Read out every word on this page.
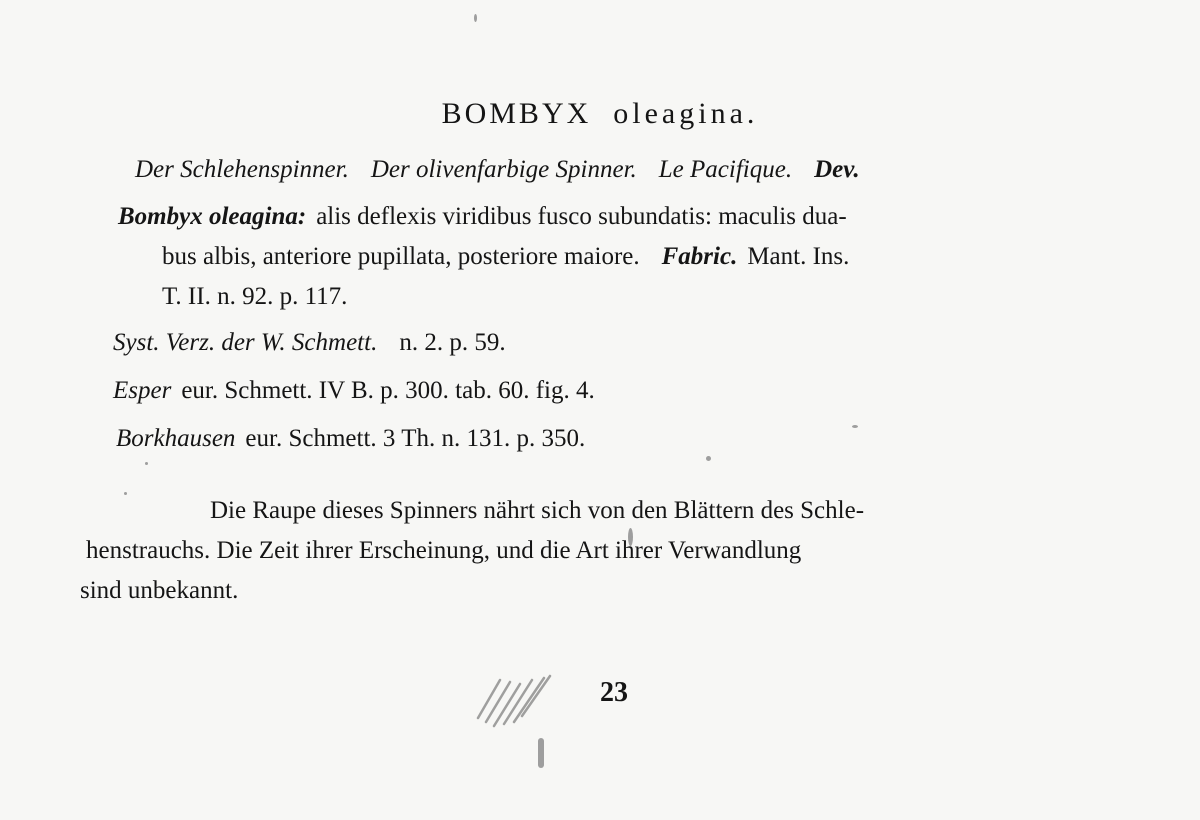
BOMBYX oleagina.
Der Schlehenspinner. Der olivenfarbige Spinner. Le Pacifique. Dev.
Bombyx oleagina: alis deflexis viridibus fusco subundatis: maculis dua-
bus albis, anteriore pupillata, posteriore maiore. Fabric. Mant. Ins.
T. II. n. 92. p. 117.
Syst. Verz. der W. Schmett. n. 2. p. 59.
Esper eur. Schmett. IV B. p. 300. tab. 60. fig. 4.
Borkhausen eur. Schmett. 3 Th. n. 131. p. 350.
Die Raupe dieses Spinners nährt sich von den Blättern des Schle-
henstrauchs. Die Zeit ihrer Erscheinung, und die Art ihrer Verwandlung
sind unbekannt.
23
